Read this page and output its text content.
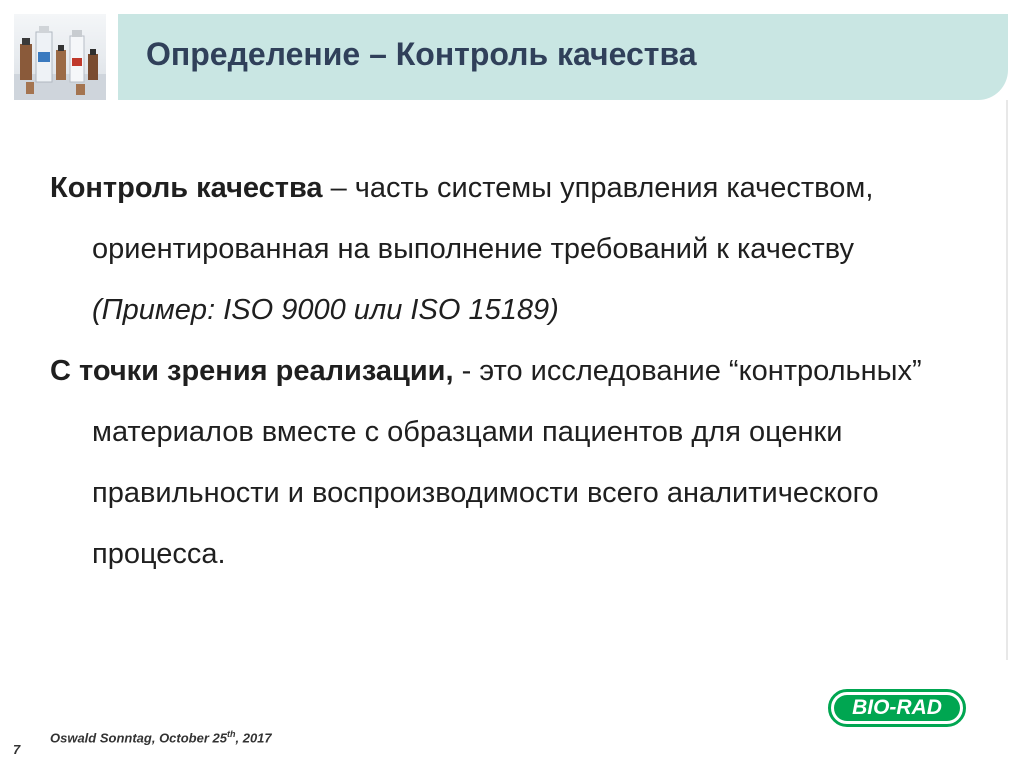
Определение – Контроль качества

Контроль качества – часть системы управления качеством, ориентированная на выполнение требований к качеству (Пример: ISO 9000 или ISO 15189)

С точки зрения реализации, - это исследование “контрольных” материалов вместе с образцами пациентов для оценки правильности и воспроизводимости всего аналитического процесса.

Oswald Sonntag, October 25th, 2017
7
BIO-RAD
